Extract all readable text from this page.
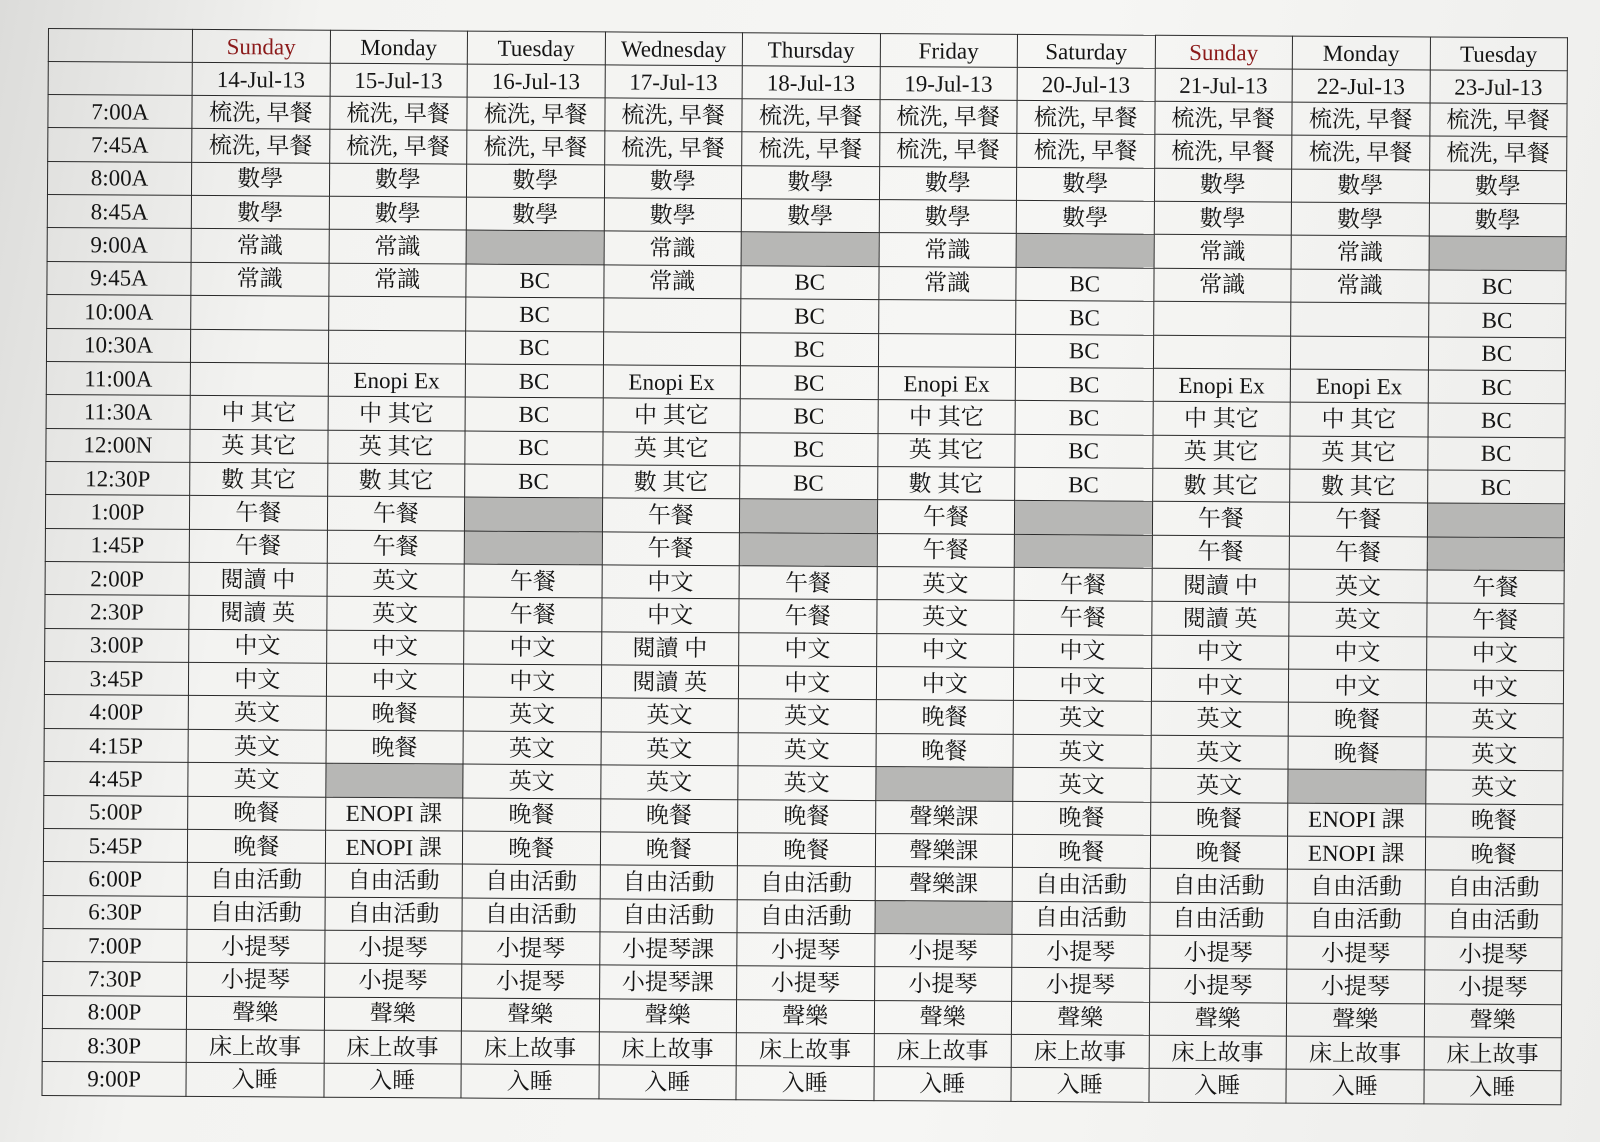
	Sunday	Monday	Tuesday	Wednesday	Thursday	Friday	Saturday	Sunday	Monday	Tuesday
	14-Jul-13	15-Jul-13	16-Jul-13	17-Jul-13	18-Jul-13	19-Jul-13	20-Jul-13	21-Jul-13	22-Jul-13	23-Jul-13
7:00A	梳洗, 早餐	梳洗, 早餐	梳洗, 早餐	梳洗, 早餐	梳洗, 早餐	梳洗, 早餐	梳洗, 早餐	梳洗, 早餐	梳洗, 早餐	梳洗, 早餐
7:45A	梳洗, 早餐	梳洗, 早餐	梳洗, 早餐	梳洗, 早餐	梳洗, 早餐	梳洗, 早餐	梳洗, 早餐	梳洗, 早餐	梳洗, 早餐	梳洗, 早餐
8:00A	數學	數學	數學	數學	數學	數學	數學	數學	數學	數學
8:45A	數學	數學	數學	數學	數學	數學	數學	數學	數學	數學
9:00A	常識	常識		常識		常識		常識	常識	
9:45A	常識	常識	BC	常識	BC	常識	BC	常識	常識	BC
10:00A			BC		BC		BC			BC
10:30A			BC		BC		BC			BC
11:00A		Enopi Ex	BC	Enopi Ex	BC	Enopi Ex	BC	Enopi Ex	Enopi Ex	BC
11:30A	中 其它	中 其它	BC	中 其它	BC	中 其它	BC	中 其它	中 其它	BC
12:00N	英 其它	英 其它	BC	英 其它	BC	英 其它	BC	英 其它	英 其它	BC
12:30P	數 其它	數 其它	BC	數 其它	BC	數 其它	BC	數 其它	數 其它	BC
1:00P	午餐	午餐		午餐		午餐		午餐	午餐	
1:45P	午餐	午餐		午餐		午餐		午餐	午餐	
2:00P	閱讀 中	英文	午餐	中文	午餐	英文	午餐	閱讀 中	英文	午餐
2:30P	閱讀 英	英文	午餐	中文	午餐	英文	午餐	閱讀 英	英文	午餐
3:00P	中文	中文	中文	閱讀 中	中文	中文	中文	中文	中文	中文
3:45P	中文	中文	中文	閱讀 英	中文	中文	中文	中文	中文	中文
4:00P	英文	晚餐	英文	英文	英文	晚餐	英文	英文	晚餐	英文
4:15P	英文	晚餐	英文	英文	英文	晚餐	英文	英文	晚餐	英文
4:45P	英文		英文	英文	英文		英文	英文		英文
5:00P	晚餐	ENOPI 課	晚餐	晚餐	晚餐	聲樂課	晚餐	晚餐	ENOPI 課	晚餐
5:45P	晚餐	ENOPI 課	晚餐	晚餐	晚餐	聲樂課	晚餐	晚餐	ENOPI 課	晚餐
6:00P	自由活動	自由活動	自由活動	自由活動	自由活動	聲樂課	自由活動	自由活動	自由活動	自由活動
6:30P	自由活動	自由活動	自由活動	自由活動	自由活動		自由活動	自由活動	自由活動	自由活動
7:00P	小提琴	小提琴	小提琴	小提琴課	小提琴	小提琴	小提琴	小提琴	小提琴	小提琴
7:30P	小提琴	小提琴	小提琴	小提琴課	小提琴	小提琴	小提琴	小提琴	小提琴	小提琴
8:00P	聲樂	聲樂	聲樂	聲樂	聲樂	聲樂	聲樂	聲樂	聲樂	聲樂
8:30P	床上故事	床上故事	床上故事	床上故事	床上故事	床上故事	床上故事	床上故事	床上故事	床上故事
9:00P	入睡	入睡	入睡	入睡	入睡	入睡	入睡	入睡	入睡	入睡
